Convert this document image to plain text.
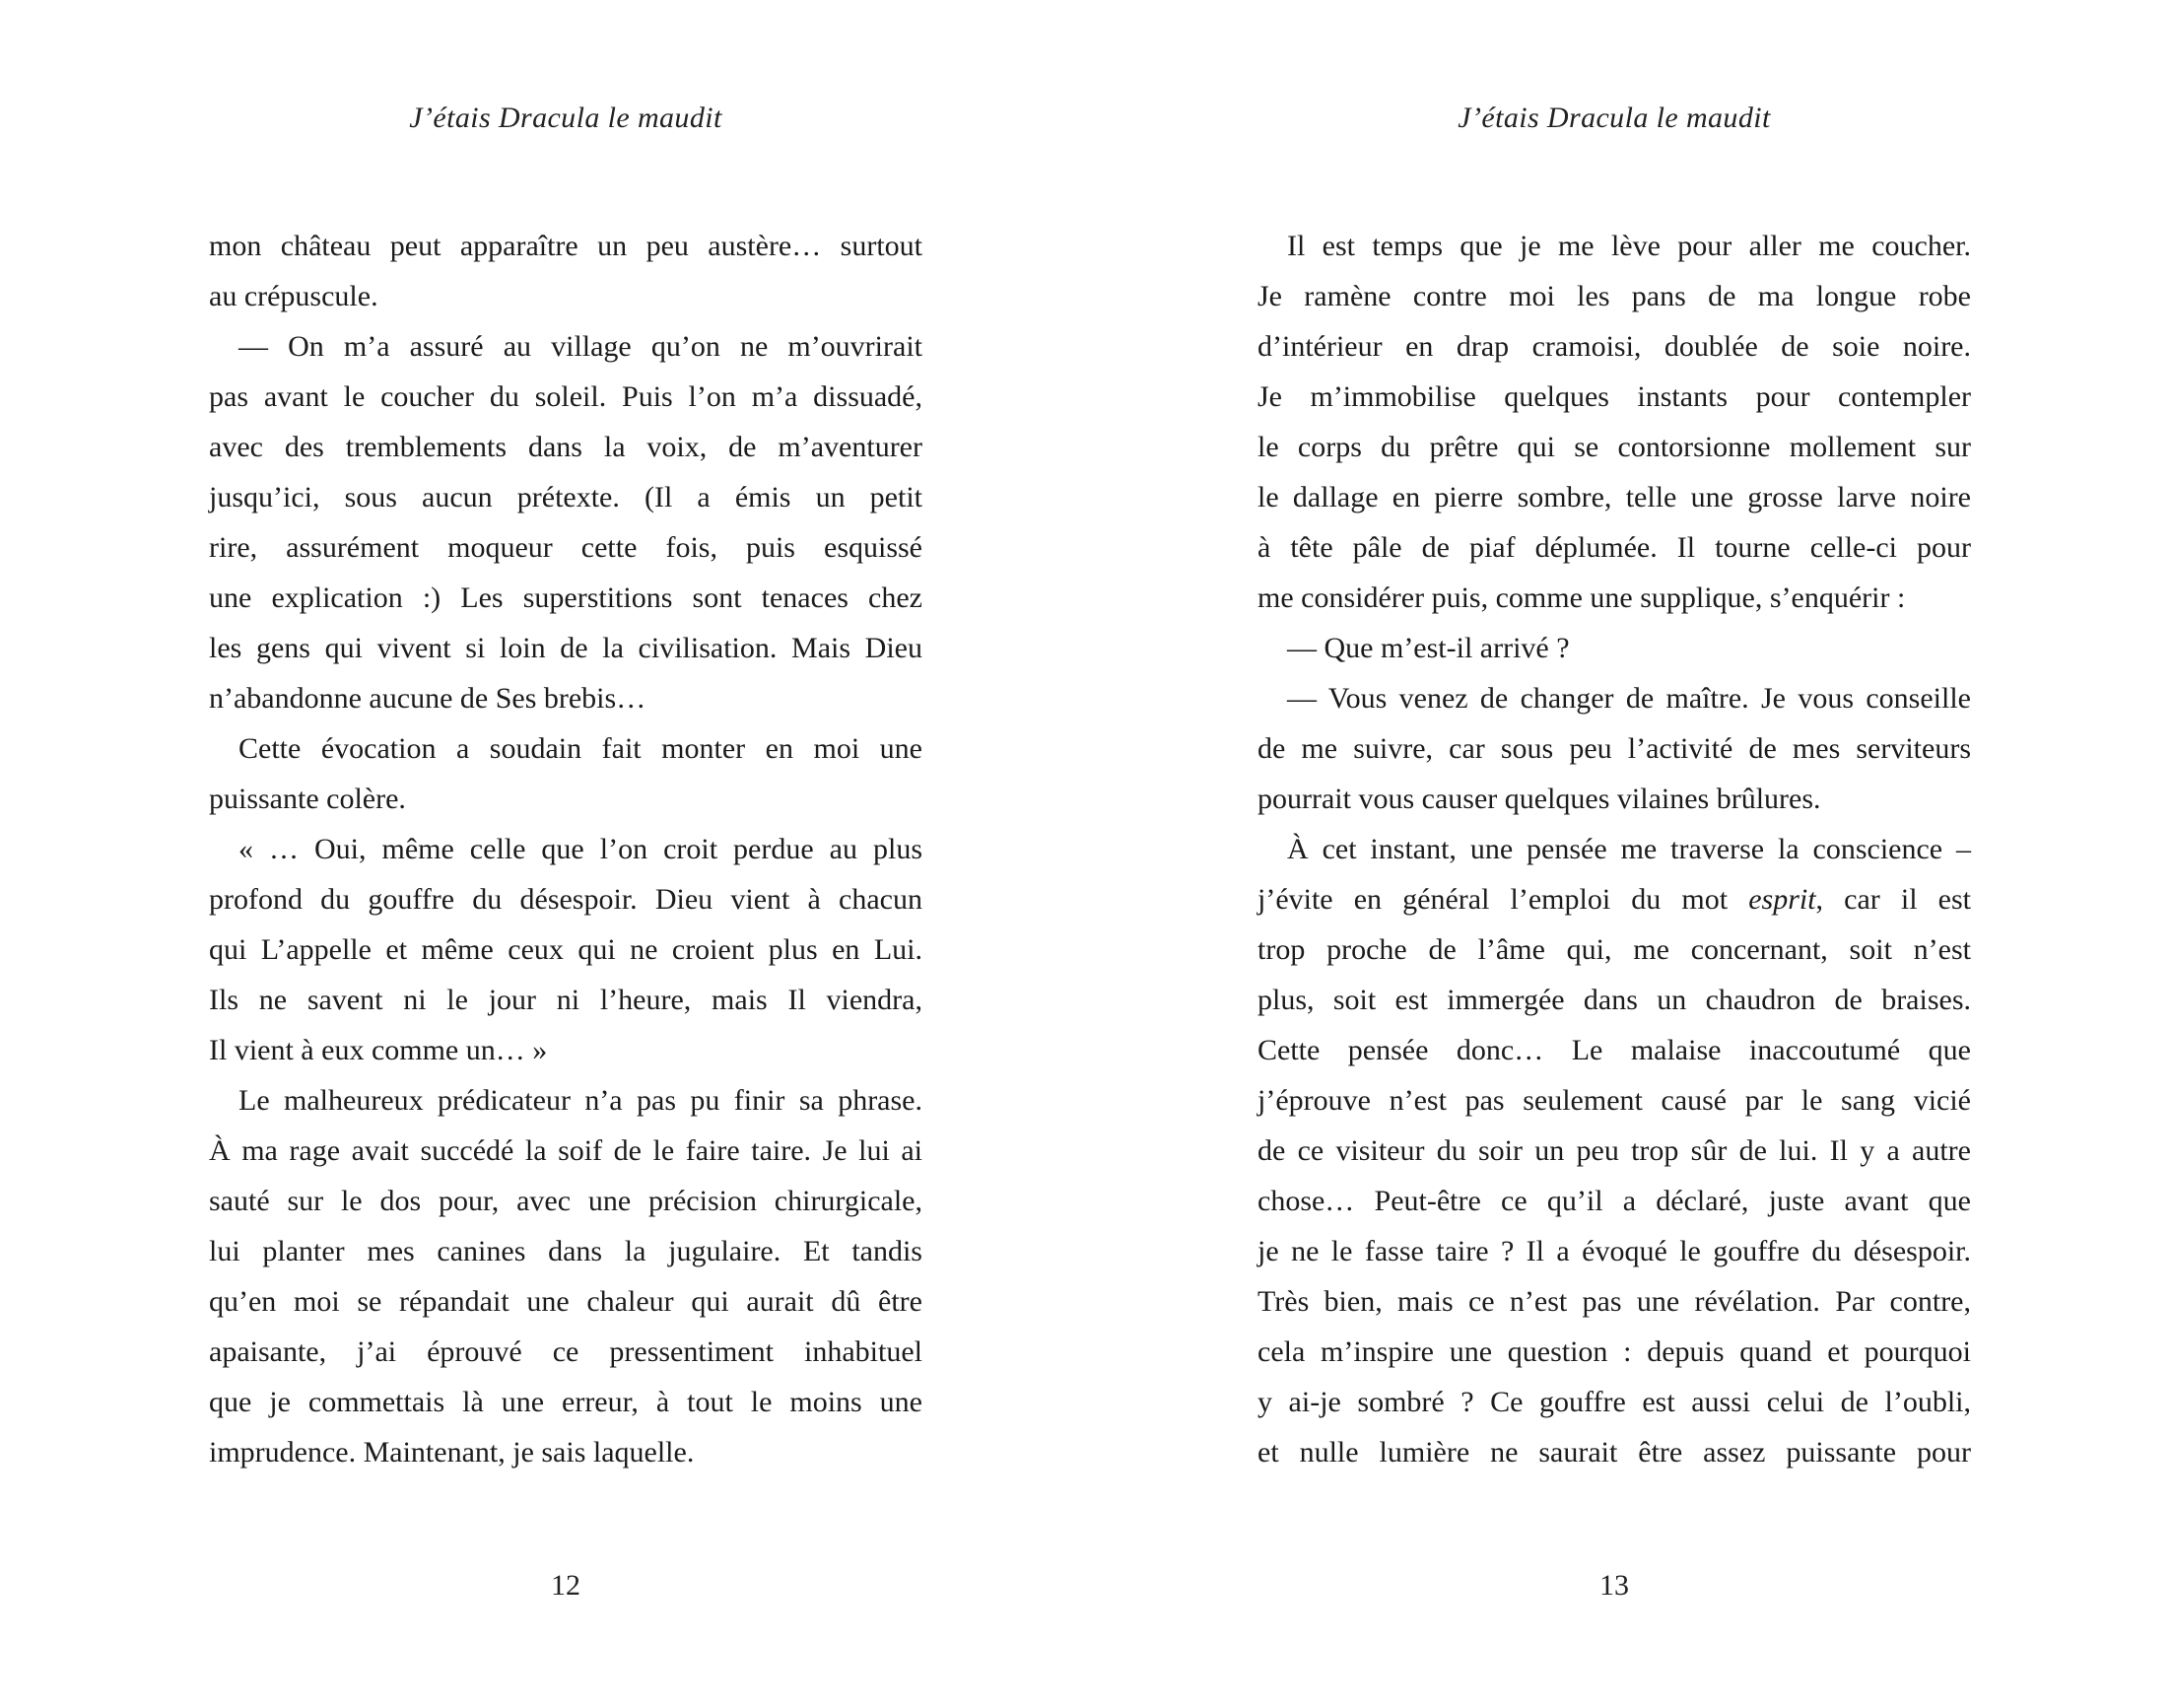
J’étais Dracula le maudit
mon château peut apparaître un peu austère… surtout
au crépuscule.
— On m’a assuré au village qu’on ne m’ouvrirait
pas avant le coucher du soleil. Puis l’on m’a dissuadé,
avec des tremblements dans la voix, de m’aventurer
jusqu’ici, sous aucun prétexte. (Il a émis un petit
rire, assurément moqueur cette fois, puis esquissé
une explication :) Les superstitions sont tenaces chez
les gens qui vivent si loin de la civilisation. Mais Dieu
n’abandonne aucune de Ses brebis…
Cette évocation a soudain fait monter en moi une
puissante colère.
« … Oui, même celle que l’on croit perdue au plus
profond du gouffre du désespoir. Dieu vient à chacun
qui L’appelle et même ceux qui ne croient plus en Lui.
Ils ne savent ni le jour ni l’heure, mais Il viendra,
Il vient à eux comme un… »
Le malheureux prédicateur n’a pas pu finir sa phrase.
À ma rage avait succédé la soif de le faire taire. Je lui ai
sauté sur le dos pour, avec une précision chirurgicale,
lui planter mes canines dans la jugulaire. Et tandis
qu’en moi se répandait une chaleur qui aurait dû être
apaisante, j’ai éprouvé ce pressentiment inhabituel
que je commettais là une erreur, à tout le moins une
imprudence. Maintenant, je sais laquelle.
12
J’étais Dracula le maudit
Il est temps que je me lève pour aller me coucher.
Je ramène contre moi les pans de ma longue robe
d’intérieur en drap cramoisi, doublée de soie noire.
Je m’immobilise quelques instants pour contempler
le corps du prêtre qui se contorsionne mollement sur
le dallage en pierre sombre, telle une grosse larve noire
à tête pâle de piaf déplumée. Il tourne celle-ci pour
me considérer puis, comme une supplique, s’enquérir :
— Que m’est-il arrivé ?
— Vous venez de changer de maître. Je vous conseille
de me suivre, car sous peu l’activité de mes serviteurs
pourrait vous causer quelques vilaines brûlures.
À cet instant, une pensée me traverse la conscience –
j’évite en général l’emploi du mot esprit, car il est
trop proche de l’âme qui, me concernant, soit n’est
plus, soit est immergée dans un chaudron de braises.
Cette pensée donc… Le malaise inaccoutumé que
j’éprouve n’est pas seulement causé par le sang vicié
de ce visiteur du soir un peu trop sûr de lui. Il y a autre
chose… Peut-être ce qu’il a déclaré, juste avant que
je ne le fasse taire ? Il a évoqué le gouffre du désespoir.
Très bien, mais ce n’est pas une révélation. Par contre,
cela m’inspire une question : depuis quand et pourquoi
y ai-je sombré ? Ce gouffre est aussi celui de l’oubli,
et nulle lumière ne saurait être assez puissante pour
13
